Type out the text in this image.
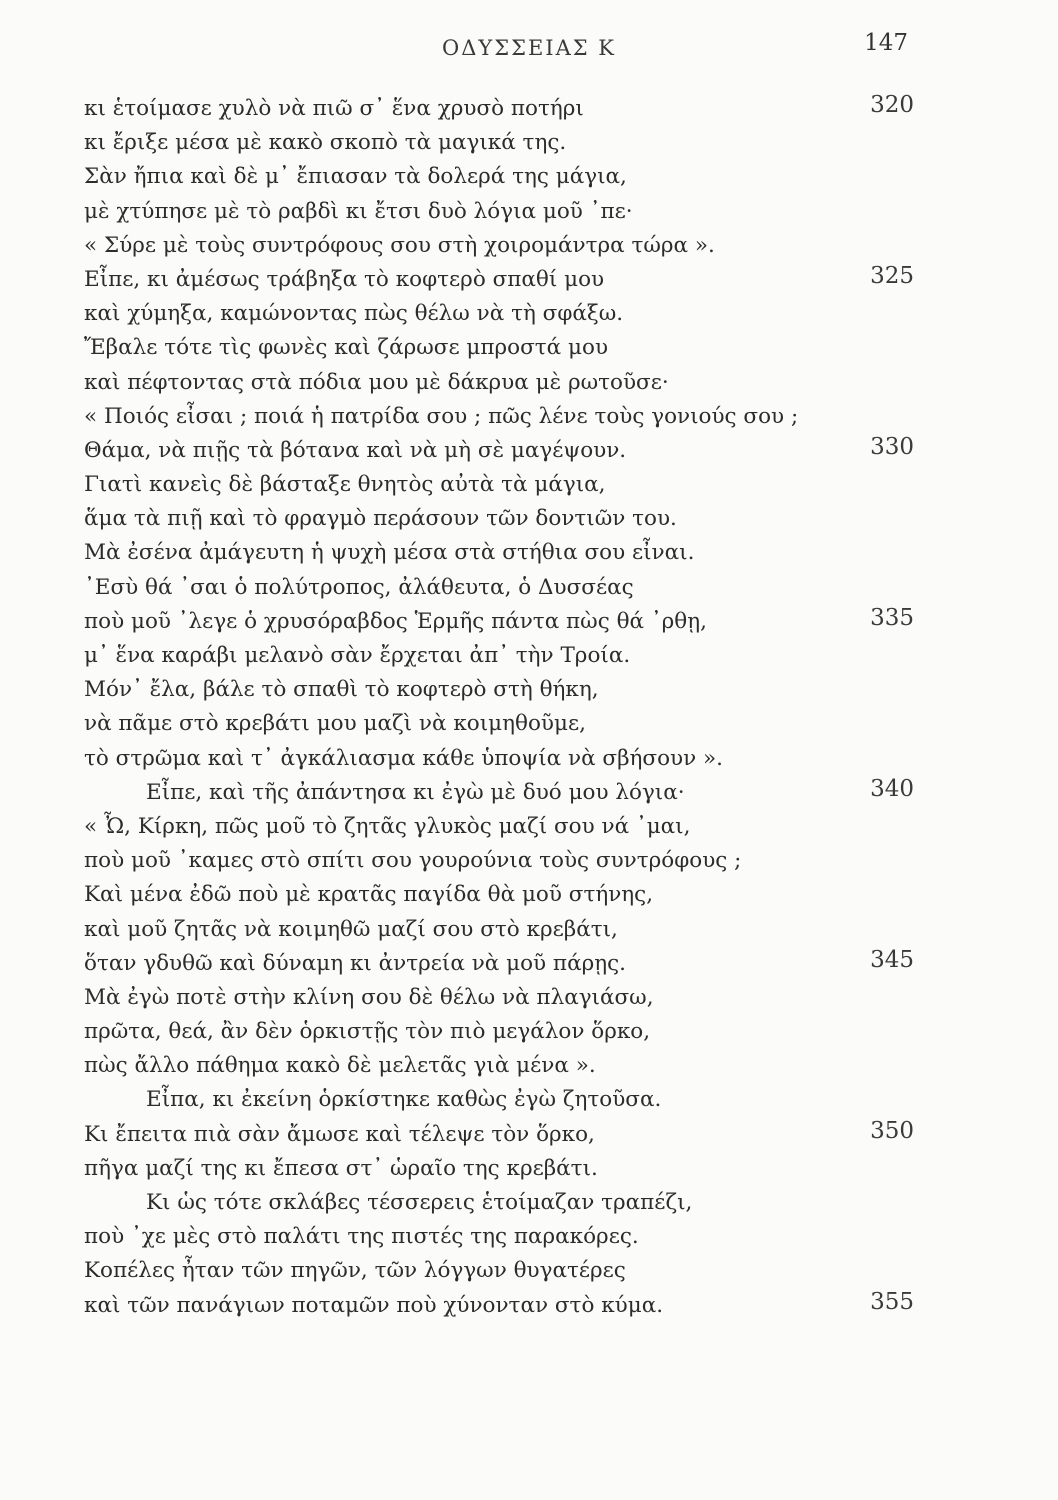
ΟΔΥΣΣΕΙΑΣ Κ	147
κι ἑτοίμασε χυλὸ νὰ πιῶ σ᾽ ἕνα χρυσὸ ποτήρι	320
κι ἔριξε μέσα μὲ κακὸ σκοπὸ τὰ μαγικά της.
Σὰν ἤπια καὶ δὲ μ᾽ ἔπιασαν τὰ δολερά της μάγια,
μὲ χτύπησε μὲ τὸ ραβδὶ κι ἔτσι δυὸ λόγια μοῦ ᾽πε·
« Σύρε μὲ τοὺς συντρόφους σου στὴ χοιρομάντρα τώρα ».
Εἶπε, κι ἀμέσως τράβηξα τὸ κοφτερὸ σπαθί μου	325
καὶ χύμηξα, καμώνοντας πὼς θέλω νὰ τὴ σφάξω.
Ἔβαλε τότε τὶς φωνὲς καὶ ζάρωσε μπροστά μου
καὶ πέφτοντας στὰ πόδια μου μὲ δάκρυα μὲ ρωτοῦσε·
« Ποιός εἶσαι ; ποιά ἡ πατρίδα σου ; πῶς λένε τοὺς γονιούς σου ;
Θάμα, νὰ πιῇς τὰ βότανα καὶ νὰ μὴ σὲ μαγέψουν.	330
Γιατὶ κανεὶς δὲ βάσταξε θνητὸς αὐτὰ τὰ μάγια,
ἅμα τὰ πιῇ καὶ τὸ φραγμὸ περάσουν τῶν δοντιῶν του.
Μὰ ἐσένα ἀμάγευτη ἡ ψυχὴ μέσα στὰ στήθια σου εἶναι.
᾽Εσὺ θά ᾽σαι ὁ πολύτροπος, ἀλάθευτα, ὁ Δυσσέας
ποὺ μοῦ ᾽λεγε ὁ χρυσόραβδος Ἑρμῆς πάντα πὼς θά ᾽ρθῃ,	335
μ᾽ ἕνα καράβι μελανὸ σὰν ἔρχεται ἀπ᾽ τὴν Τροία.
Μόν᾽ ἔλα, βάλε τὸ σπαθὶ τὸ κοφτερὸ στὴ θήκη,
νὰ πᾶμε στὸ κρεβάτι μου μαζὶ νὰ κοιμηθοῦμε,
τὸ στρῶμα καὶ τ᾽ ἀγκάλιασμα κάθε ὑποψία νὰ σβήσουν ».
Εἶπε, καὶ τῆς ἀπάντησα κι ἐγὼ μὲ δυό μου λόγια·	340
« Ὦ, Κίρκη, πῶς μοῦ τὸ ζητᾶς γλυκὸς μαζί σου νά ᾽μαι,
ποὺ μοῦ ᾽καμες στὸ σπίτι σου γουρούνια τοὺς συντρόφους ;
Καὶ μένα ἐδῶ ποὺ μὲ κρατᾶς παγίδα θὰ μοῦ στήνης,
καὶ μοῦ ζητᾶς νὰ κοιμηθῶ μαζί σου στὸ κρεβάτι,
ὅταν γδυθῶ καὶ δύναμη κι ἀντρεία νὰ μοῦ πάρῃς.	345
Μὰ ἐγὼ ποτὲ στὴν κλίνη σου δὲ θέλω νὰ πλαγιάσω,
πρῶτα, θεά, ἂν δὲν ὁρκιστῇς τὸν πιὸ μεγάλον ὅρκο,
πὼς ἄλλο πάθημα κακὸ δὲ μελετᾶς γιὰ μένα ».
Εἶπα, κι ἐκείνη ὁρκίστηκε καθὼς ἐγὼ ζητοῦσα.
Κι ἔπειτα πιὰ σὰν ἄμωσε καὶ τέλεψε τὸν ὅρκο,	350
πῆγα μαζί της κι ἔπεσα στ᾽ ὡραῖο της κρεβάτι.
Κι ὡς τότε σκλάβες τέσσερεις ἑτοίμαζαν τραπέζι,
ποὺ ᾽χε μὲς στὸ παλάτι της πιστές της παρακόρες.
Κοπέλες ἦταν τῶν πηγῶν, τῶν λόγγων θυγατέρες
καὶ τῶν πανάγιων ποταμῶν ποὺ χύνονταν στὸ κύμα.	355
